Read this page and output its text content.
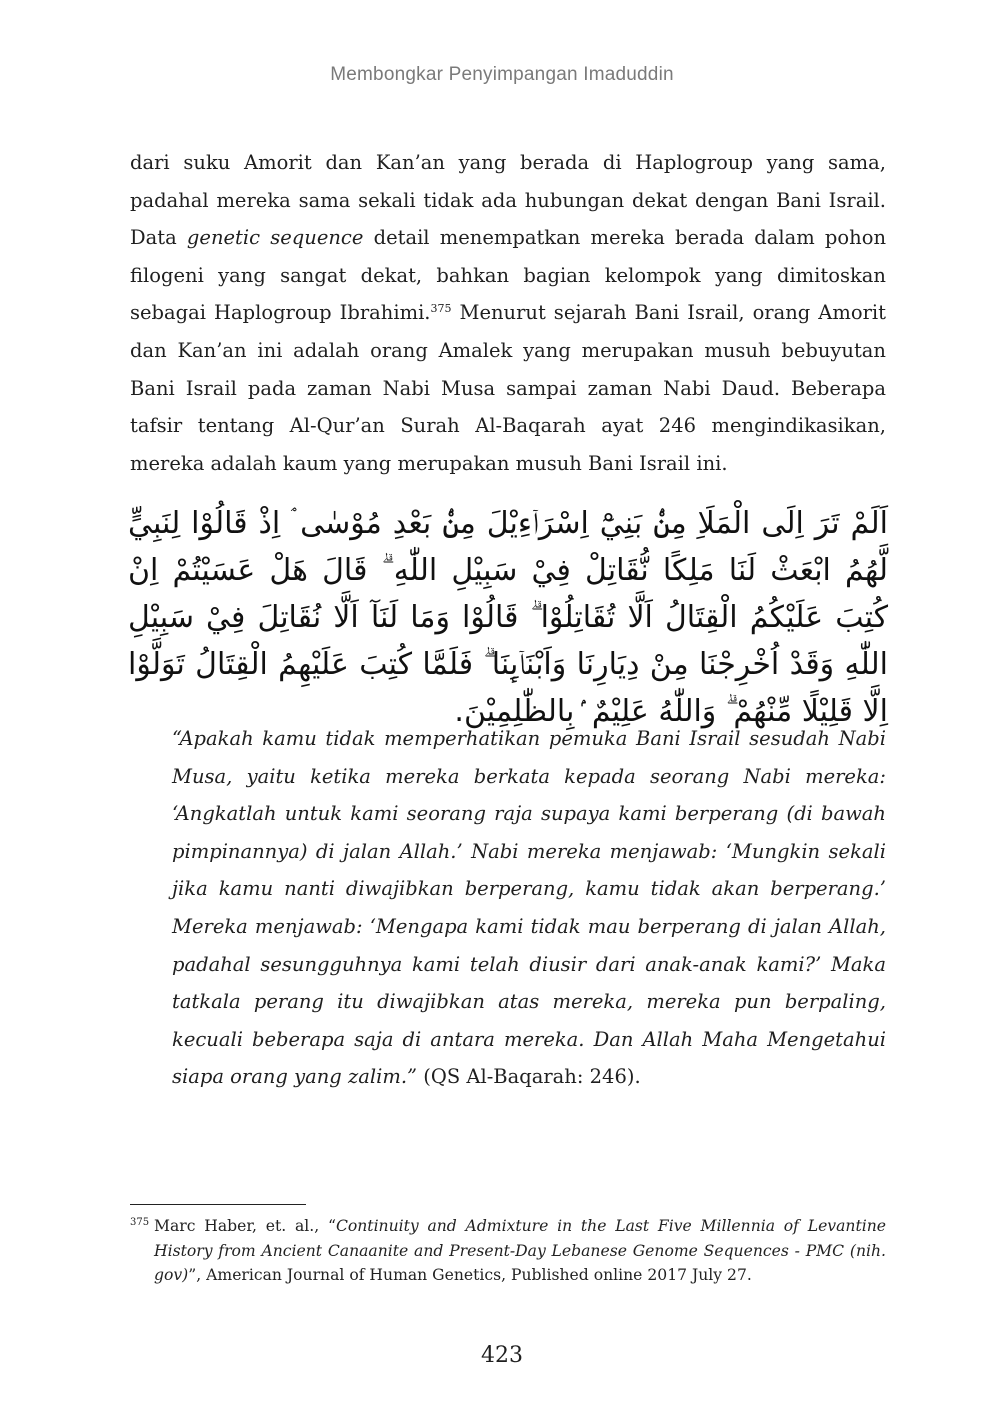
Membongkar Penyimpangan Imaduddin

dari suku Amorit dan Kan’an yang berada di Haplogroup yang sama, padahal mereka sama sekali tidak ada hubungan dekat dengan Bani Israil. Data genetic sequence detail menempatkan mereka berada dalam pohon filogeni yang sangat dekat, bahkan bagian kelompok yang dimitoskan sebagai Haplogroup Ibrahimi.$^{375}$ Menurut sejarah Bani Israil, orang Amorit dan Kan’an ini adalah orang Amalek yang merupakan musuh bebuyutan Bani Israil pada zaman Nabi Musa sampai zaman Nabi Daud. Beberapa tafsir tentang Al-Qur’an Surah Al-Baqarah ayat 246 mengindikasikan, mereka adalah kaum yang merupakan musuh Bani Israil ini.

اَلَمْ تَرَ اِلَى الْمَلَاِ مِنْۢ بَنِيْٓ اِسْرَاۤءِيْلَ مِنْۢ بَعْدِ مُوْسٰى ۘ اِذْ قَالُوْا لِنَبِيٍّ لَّهُمُ ابْعَثْ لَنَا مَلِكًا نُّقَاتِلْ فِيْ سَبِيْلِ اللّٰهِ ۗ قَالَ هَلْ عَسَيْتُمْ اِنْ كُتِبَ عَلَيْكُمُ الْقِتَالُ اَلَّا تُقَاتِلُوْا ۗ قَالُوْا وَمَا لَنَآ اَلَّا نُقَاتِلَ فِيْ سَبِيْلِ اللّٰهِ وَقَدْ اُخْرِجْنَا مِنْ دِيَارِنَا وَاَبْنَاۤىِٕنَا ۗ فَلَمَّا كُتِبَ عَلَيْهِمُ الْقِتَالُ تَوَلَّوْا اِلَّا قَلِيْلًا مِّنْهُمْ ۗ وَاللّٰهُ عَلِيْمٌ ۢبِالظّٰلِمِيْنَ.

“Apakah kamu tidak memperhatikan pemuka Bani Israil sesudah Nabi Musa, yaitu ketika mereka berkata kepada seorang Nabi mereka: ‘Angkatlah untuk kami seorang raja supaya kami berperang (di bawah pimpinannya) di jalan Allah.’ Nabi mereka menjawab: ‘Mungkin sekali jika kamu nanti diwajibkan berperang, kamu tidak akan berperang.’ Mereka menjawab: ‘Mengapa kami tidak mau berperang di jalan Allah, padahal sesungguhnya kami telah diusir dari anak-anak kami?’ Maka tatkala perang itu diwajibkan atas mereka, mereka pun berpaling, kecuali beberapa saja di antara mereka. Dan Allah Maha Mengetahui siapa orang yang zalim.” (QS Al-Baqarah: 246).

375 Marc Haber, et. al., “Continuity and Admixture in the Last Five Millennia of Levantine History from Ancient Canaanite and Present-Day Lebanese Genome Sequences - PMC (nih. gov)”, American Journal of Human Genetics, Published online 2017 July 27.
423
